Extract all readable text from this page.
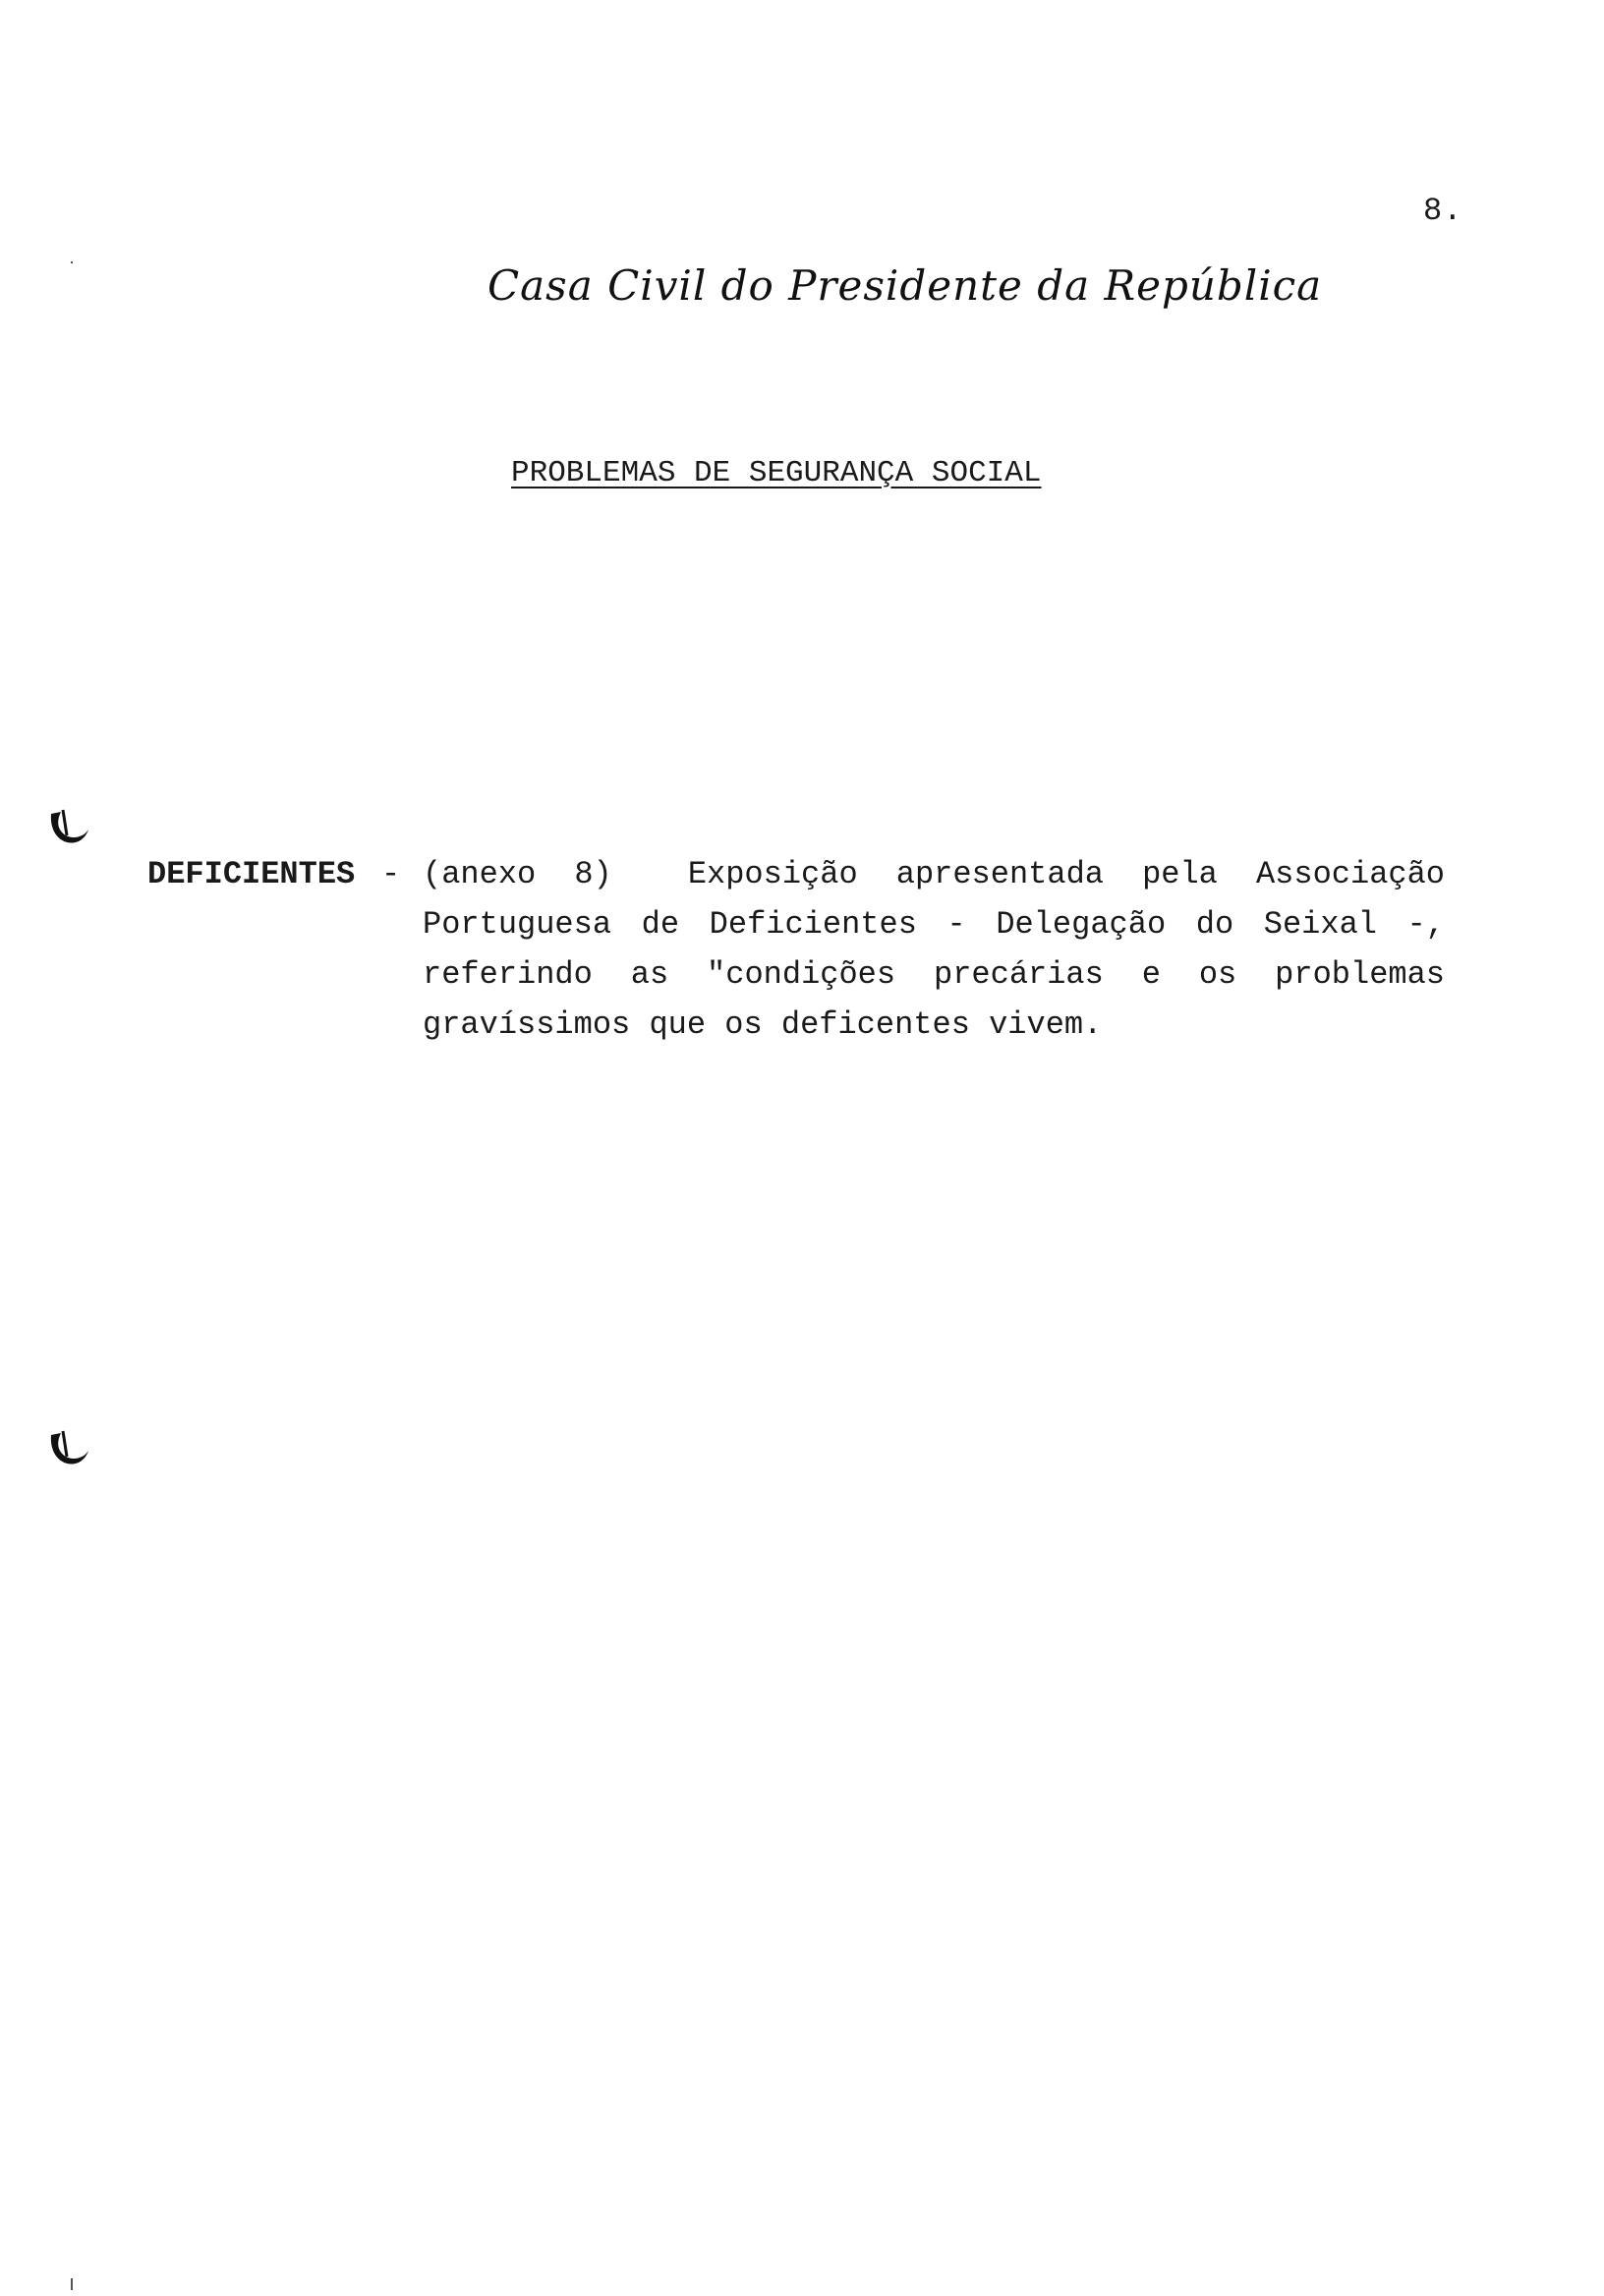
8.
Casa Civil do Presidente da República
PROBLEMAS DE SEGURANÇA SOCIAL
DEFICIENTES - (anexo 8) Exposição apresentada pela Associação Portuguesa de Deficientes - Delegação do Seixal -, referindo as "condições precárias e os problemas gravíssimos que os deficentes vivem.
